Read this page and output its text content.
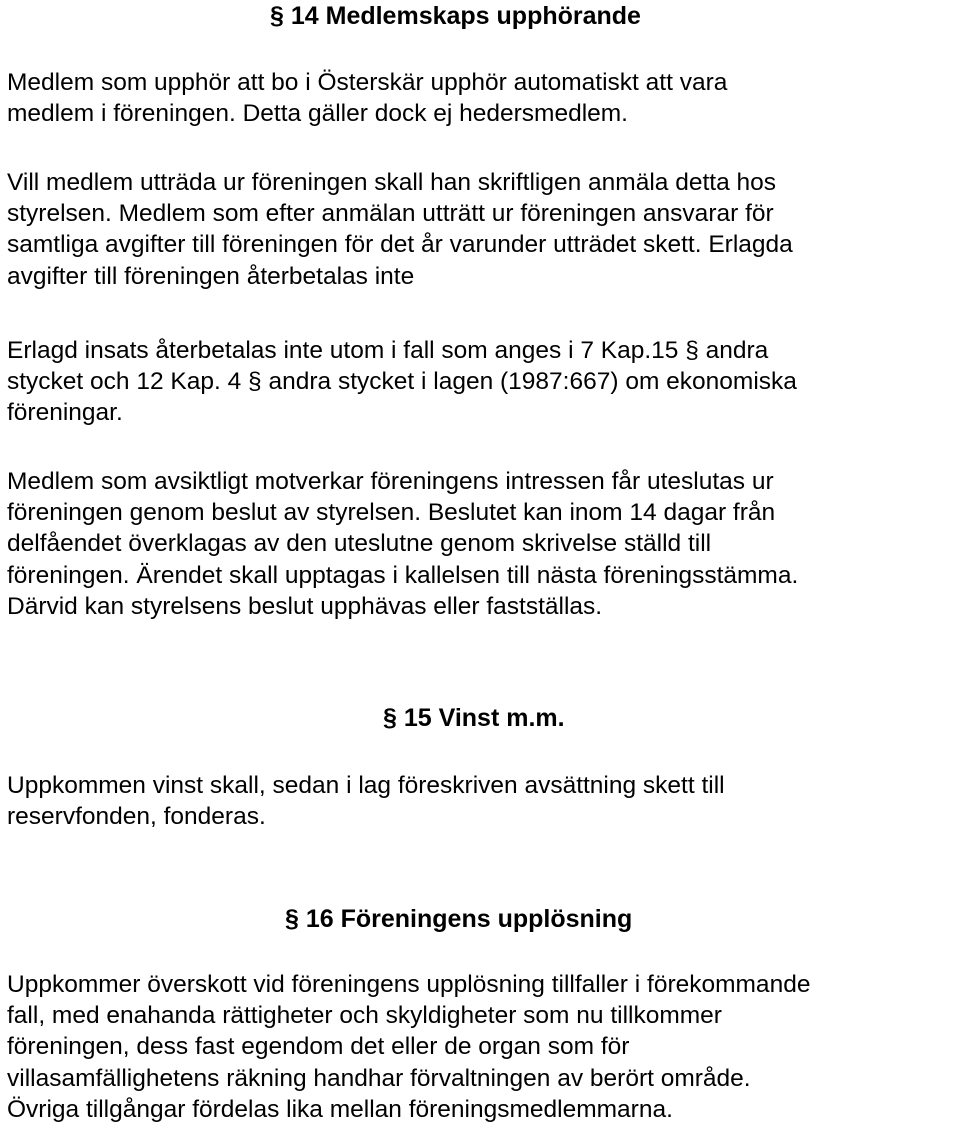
§ 14 Medlemskaps upphörande
Medlem som upphör att bo i Österskär upphör automatiskt att vara
medlem i föreningen. Detta gäller dock ej hedersmedlem.
Vill medlem utträda ur föreningen skall han skriftligen anmäla detta hos
styrelsen. Medlem som efter anmälan utträtt ur föreningen ansvarar för
samtliga avgifter till föreningen för det år varunder utträdet skett. Erlagda
avgifter till föreningen återbetalas inte
Erlagd insats återbetalas inte utom i fall som anges i 7 Kap.15 § andra
stycket och 12 Kap. 4 § andra stycket i lagen (1987:667) om ekonomiska
föreningar.
Medlem som avsiktligt motverkar föreningens intressen får uteslutas ur
föreningen genom beslut av styrelsen. Beslutet kan inom 14 dagar från
delfåendet överklagas av den uteslutne genom skrivelse ställd till
föreningen. Ärendet skall upptagas i kallelsen till nästa föreningsstämma.
Därvid kan styrelsens beslut upphävas eller fastställas.
§ 15 Vinst m.m.
Uppkommen vinst skall, sedan i lag föreskriven avsättning skett till
reservfonden, fonderas.
§ 16 Föreningens upplösning
Uppkommer överskott vid föreningens upplösning tillfaller i förekommande
fall, med enahanda rättigheter och skyldigheter som nu tillkommer
föreningen, dess fast egendom det eller de organ som för
villasamfällighetens räkning handhar förvaltningen av berört område.
Övriga tillgångar fördelas lika mellan föreningsmedlemmarna.
